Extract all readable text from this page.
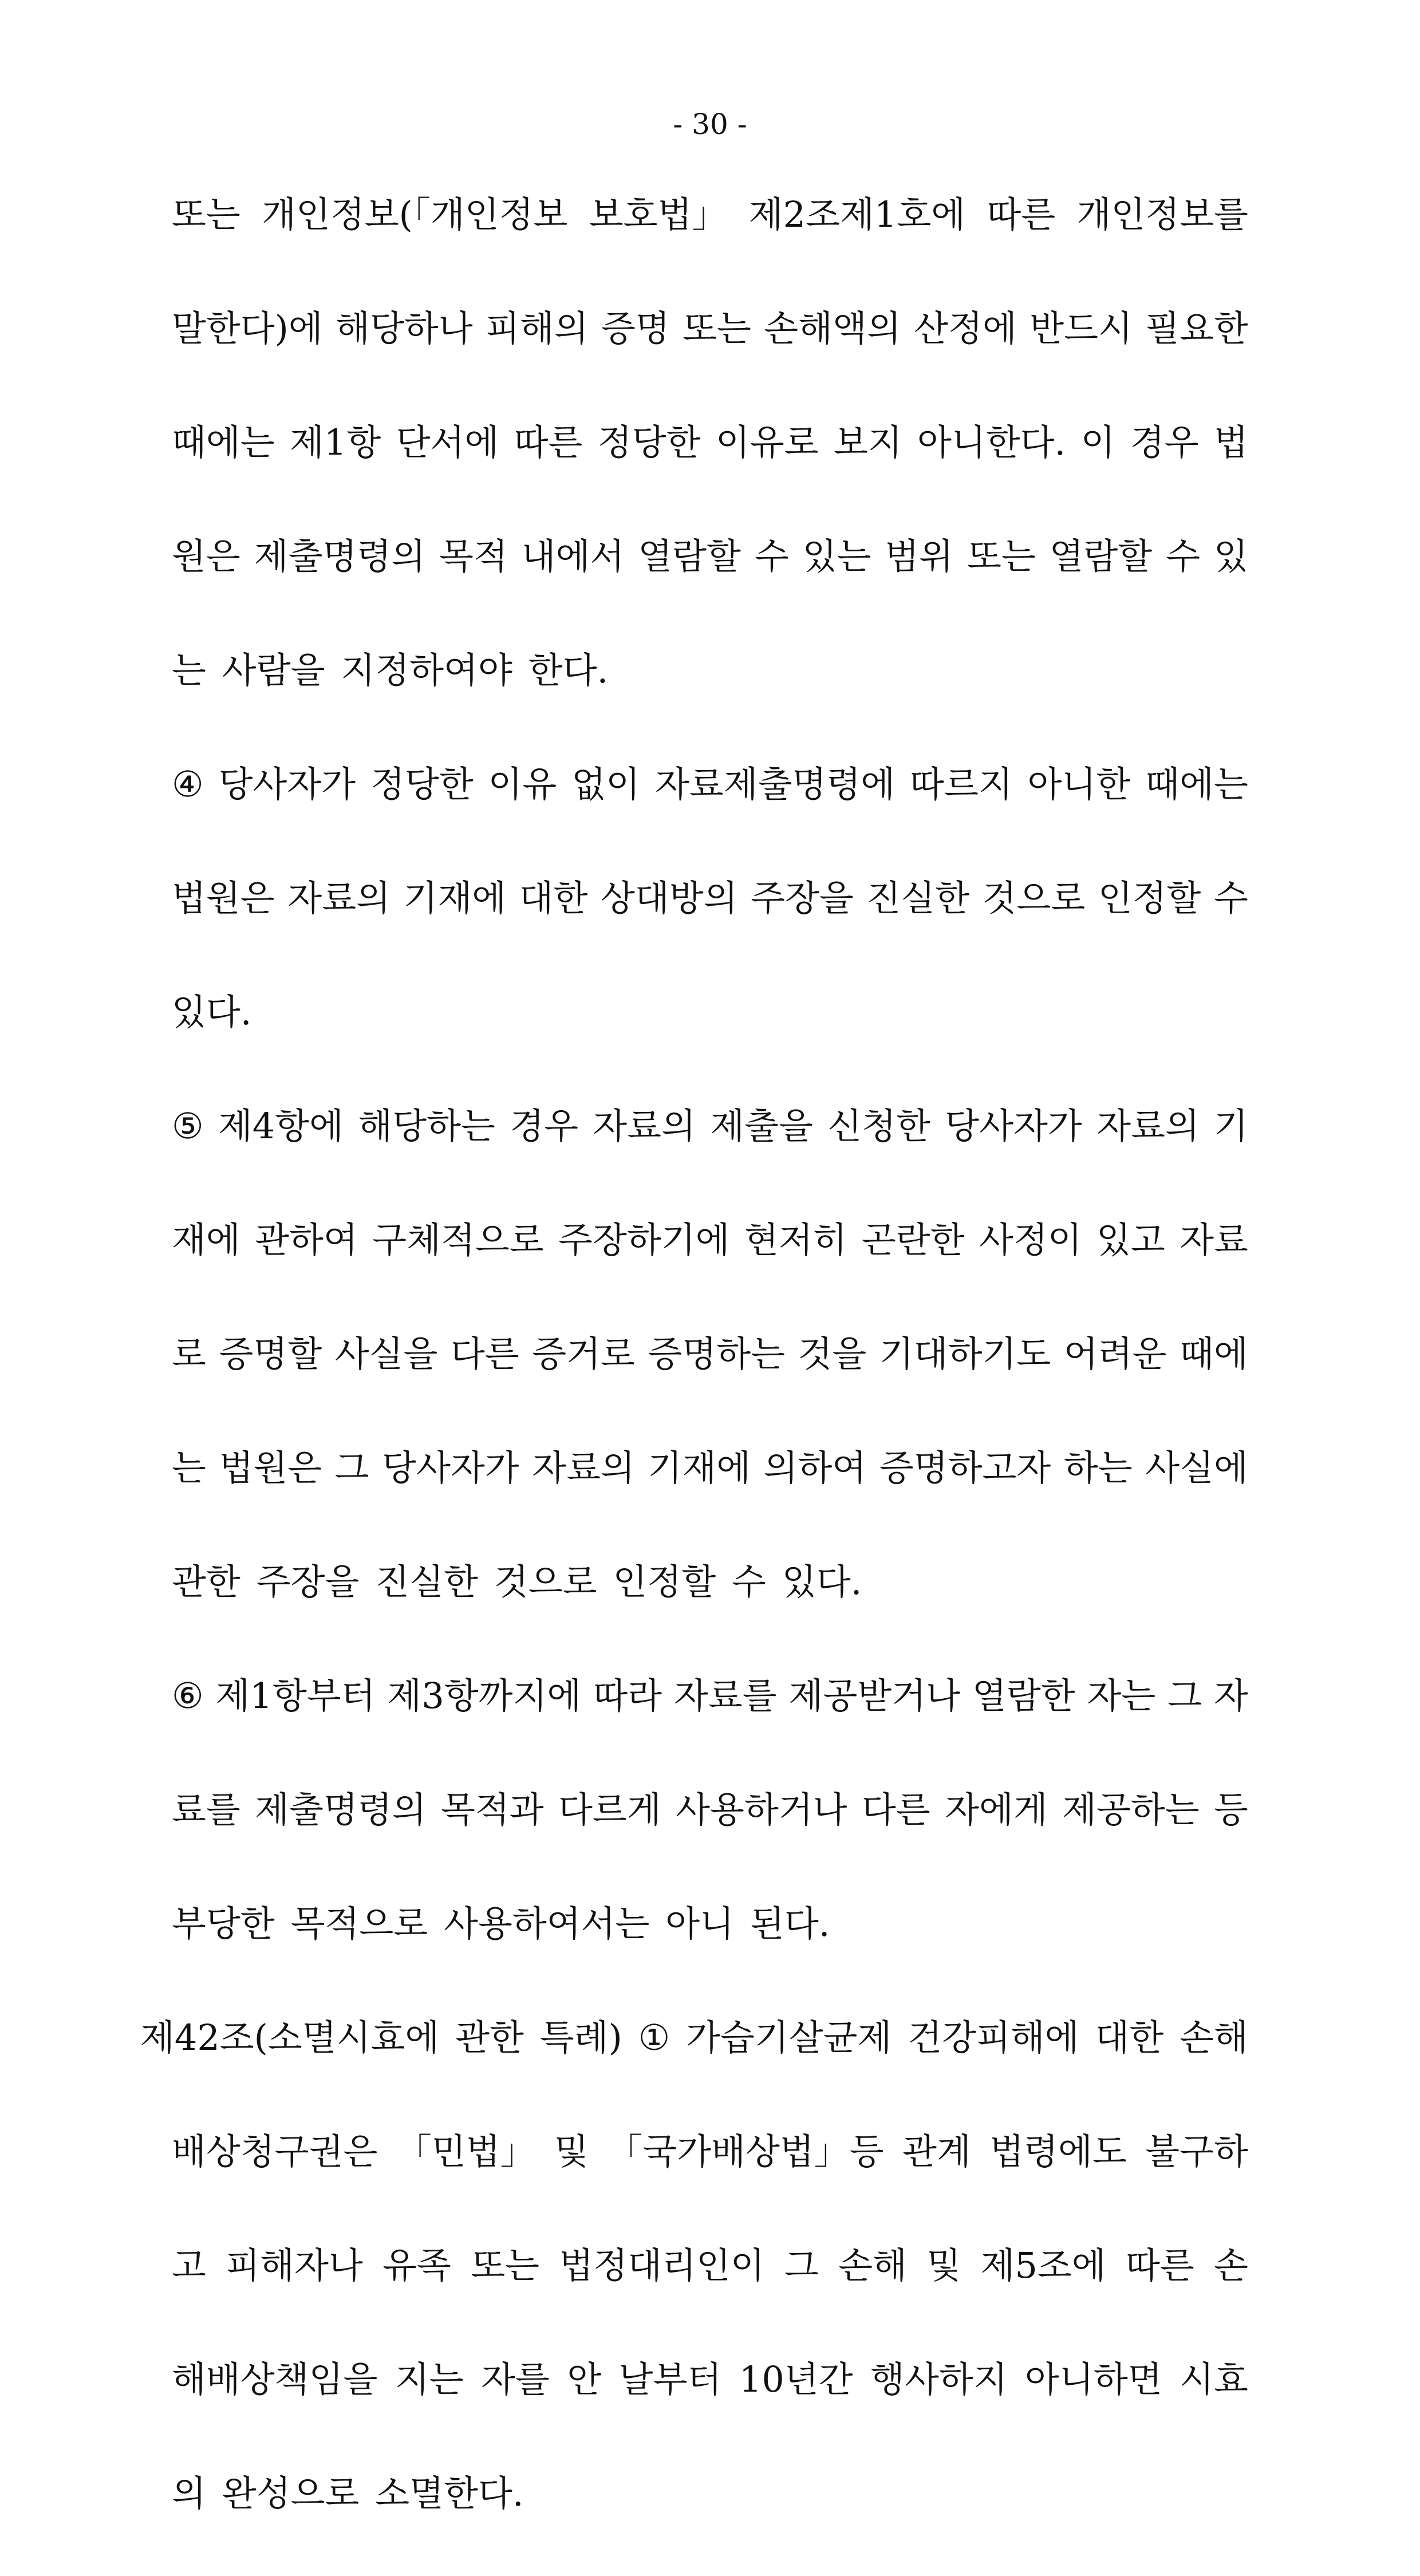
- 30 -
또는 개인정보(「개인정보 보호법」 제2조제1호에 따른 개인정보를
말한다)에 해당하나 피해의 증명 또는 손해액의 산정에 반드시 필요한
때에는 제1항 단서에 따른 정당한 이유로 보지 아니한다. 이 경우 법
원은 제출명령의 목적 내에서 열람할 수 있는 범위 또는 열람할 수 있
는 사람을 지정하여야 한다.
④ 당사자가 정당한 이유 없이 자료제출명령에 따르지 아니한 때에는
법원은 자료의 기재에 대한 상대방의 주장을 진실한 것으로 인정할 수
있다.
⑤ 제4항에 해당하는 경우 자료의 제출을 신청한 당사자가 자료의 기
재에 관하여 구체적으로 주장하기에 현저히 곤란한 사정이 있고 자료
로 증명할 사실을 다른 증거로 증명하는 것을 기대하기도 어려운 때에
는 법원은 그 당사자가 자료의 기재에 의하여 증명하고자 하는 사실에
관한 주장을 진실한 것으로 인정할 수 있다.
⑥ 제1항부터 제3항까지에 따라 자료를 제공받거나 열람한 자는 그 자
료를 제출명령의 목적과 다르게 사용하거나 다른 자에게 제공하는 등
부당한 목적으로 사용하여서는 아니 된다.
제42조(소멸시효에 관한 특례) ① 가습기살균제 건강피해에 대한 손해
배상청구권은 「민법」 및 「국가배상법」등 관계 법령에도 불구하
고 피해자나 유족 또는 법정대리인이 그 손해 및 제5조에 따른 손
해배상책임을 지는 자를 안 날부터 10년간 행사하지 아니하면 시효
의 완성으로 소멸한다.
